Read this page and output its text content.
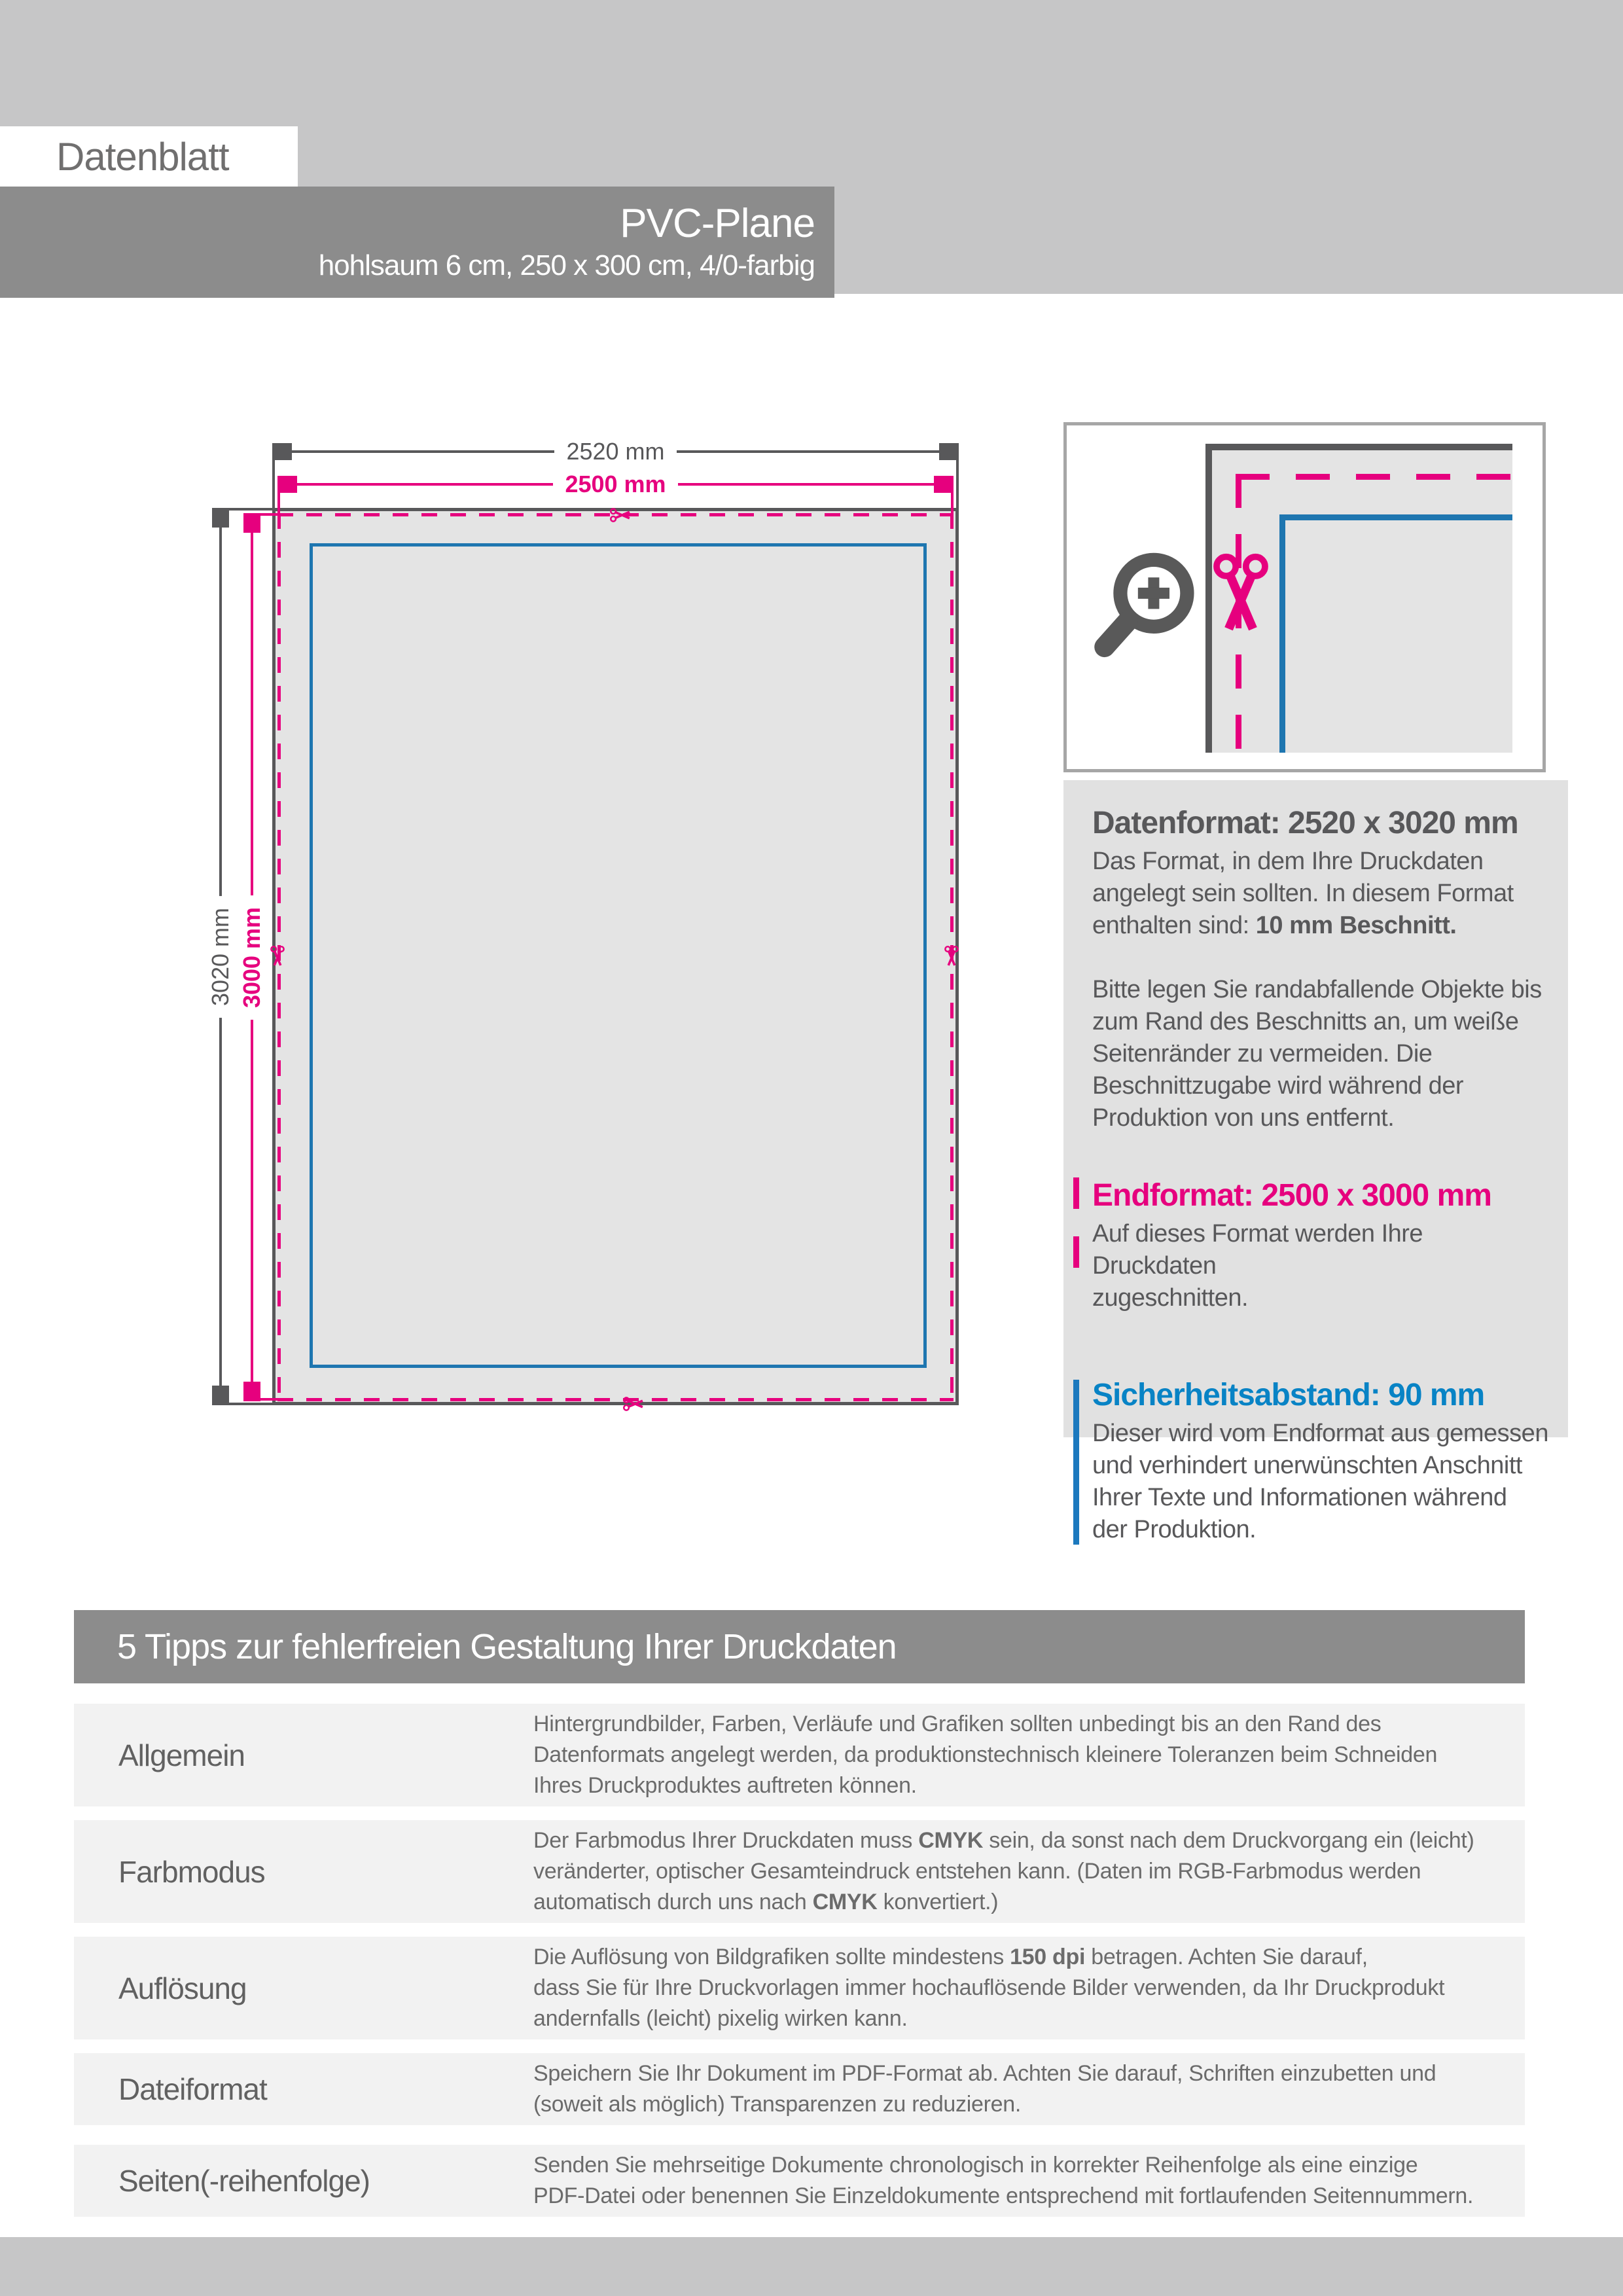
Datenblatt
PVC-Plane
hohlsaum 6 cm, 250 x 300 cm, 4/0-farbig
2520 mm
2500 mm
3020 mm 3000 mm
Datenformat: 2520 x 3020 mm
Das Format, in dem Ihre Druckdaten
angelegt sein sollten. In diesem Format
enthalten sind: 10 mm Beschnitt.
Bitte legen Sie randabfallende Objekte bis
zum Rand des Beschnitts an, um weiße
Seitenränder zu vermeiden. Die
Beschnittzugabe wird während der
Produktion von uns entfernt.
Endformat: 2500 x 3000 mm
Auf dieses Format werden Ihre Druckdaten
zugeschnitten.
Sicherheitsabstand: 90 mm
Dieser wird vom Endformat aus gemessen
und verhindert unerwünschten Anschnitt
Ihrer Texte und Informationen während
der Produktion.
5 Tipps zur fehlerfreien Gestaltung Ihrer Druckdaten
Allgemein
Hintergrundbilder, Farben, Verläufe und Grafiken sollten unbedingt bis an den Rand des
Datenformats angelegt werden, da produktionstechnisch kleinere Toleranzen beim Schneiden
Ihres Druckproduktes auftreten können.
Farbmodus
Der Farbmodus Ihrer Druckdaten muss CMYK sein, da sonst nach dem Druckvorgang ein (leicht)
veränderter, optischer Gesamteindruck entstehen kann. (Daten im RGB-Farbmodus werden
automatisch durch uns nach CMYK konvertiert.)
Auflösung
Die Auflösung von Bildgrafiken sollte mindestens 150 dpi betragen. Achten Sie darauf,
dass Sie für Ihre Druckvorlagen immer hochauflösende Bilder verwenden, da Ihr Druckprodukt
andernfalls (leicht) pixelig wirken kann.
Dateiformat	Speichern Sie Ihr Dokument im PDF-Format ab. Achten Sie darauf, Schriften einzubetten und
(soweit als möglich) Transparenzen zu reduzieren.
Seiten(-reihenfolge)	Senden Sie mehrseitige Dokumente chronologisch in korrekter Reihenfolge als eine einzige
PDF-Datei oder benennen Sie Einzeldokumente entsprechend mit fortlaufenden Seitennummern.
